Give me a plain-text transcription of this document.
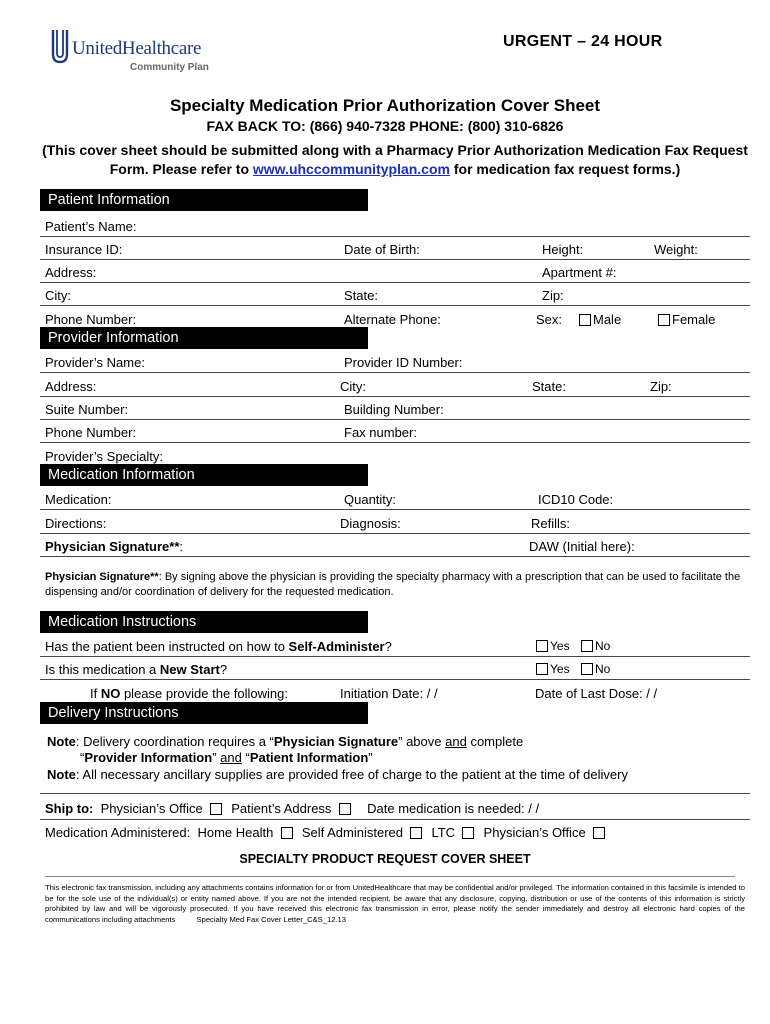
UnitedHealthcare
Community Plan
URGENT – 24 HOUR
Specialty Medication Prior Authorization Cover Sheet
FAX BACK TO: (866) 940-7328 PHONE: (800) 310-6826
(This cover sheet should be submitted along with a Pharmacy Prior Authorization Medication Fax Request Form. Please refer to www.uhccommunityplan.com for medication fax request forms.)
Patient Information
Patient’s Name:
Insurance ID:	Date of Birth:	Height:	Weight:
Address:	Apartment #:
City:	State:	Zip:
Phone Number:	Alternate Phone:	Sex:	Male	Female
Provider Information
Provider’s Name:	Provider ID Number:
Address:	City:	State:	Zip:
Suite Number:	Building Number:
Phone Number:	Fax number:
Provider’s Specialty:
Medication Information
Medication:	Quantity:	ICD10 Code:
Directions:	Diagnosis:	Refills:
Physician Signature**:	DAW (Initial here):
Physician Signature**: By signing above the physician is providing the specialty pharmacy with a prescription that can be used to facilitate the dispensing and/or coordination of delivery for the requested medication.
Medication Instructions
Has the patient been instructed on how to Self-Administer?	Yes	No
Is this medication a New Start?	Yes	No
If NO please provide the following:	Initiation Date: / /	Date of Last Dose: / /
Delivery Instructions
Note: Delivery coordination requires a “Physician Signature” above and complete
“Provider Information” and “Patient Information”
Note: All necessary ancillary supplies are provided free of charge to the patient at the time of delivery
Ship to: Physician’s Office Patient’s Address	Date medication is needed: / /
Medication Administered: Home Health Self Administered LTC Physician’s Office
SPECIALTY PRODUCT REQUEST COVER SHEET
This electronic fax transmission, including any attachments contains information for or from UnitedHealthcare that may be confidential and/or privileged. The information contained in this facsimile is intended to be for the sole use of the individual(s) or entity named above. If you are not the intended recipient, be aware that any disclosure, copying, distribution or use of the contents of this information is strictly prohibited by law and will be vigorously prosecuted. If you have received this electronic fax transmission in error, please notify the sender immediately and destroy all electronic hard copies of the communications including attachments	Specialty Med Fax Cover Letter_C&S_12.13
